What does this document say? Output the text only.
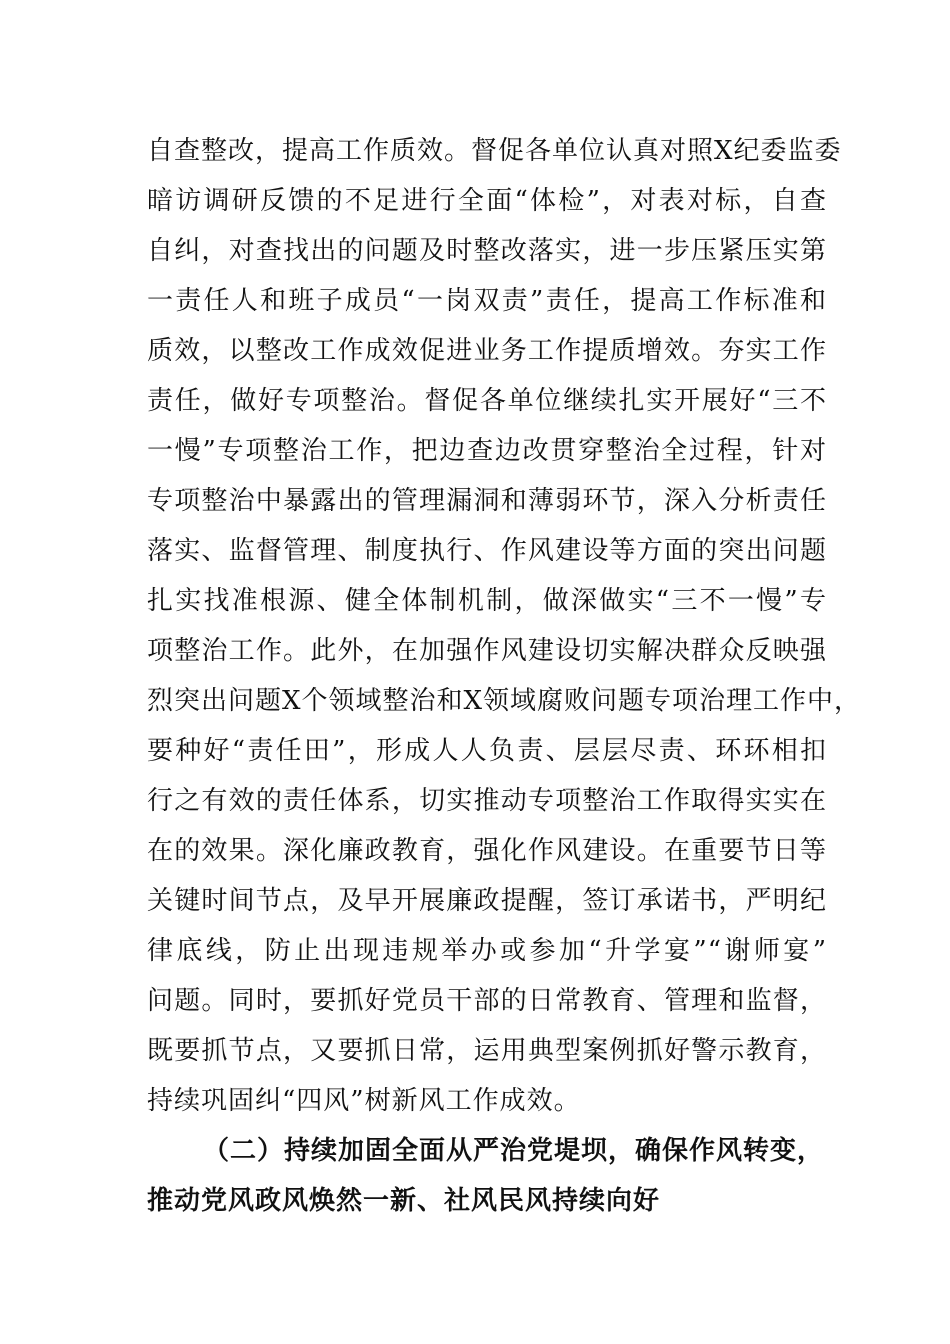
自查整改，提高工作质效。督促各单位认真对照X纪委监委
暗访调研反馈的不足进行全面“体检”，对表对标，自查
自纠，对查找出的问题及时整改落实，进一步压紧压实第
一责任人和班子成员“一岗双责”责任，提高工作标准和
质效，以整改工作成效促进业务工作提质增效。夯实工作
责任，做好专项整治。督促各单位继续扎实开展好“三不
一慢”专项整治工作，把边查边改贯穿整治全过程，针对
专项整治中暴露出的管理漏洞和薄弱环节，深入分析责任
落实、监督管理、制度执行、作风建设等方面的突出问题
扎实找准根源、健全体制机制，做深做实“三不一慢”专
项整治工作。此外，在加强作风建设切实解决群众反映强
烈突出问题X个领域整治和X领域腐败问题专项治理工作中，
要种好“责任田”，形成人人负责、层层尽责、环环相扣
行之有效的责任体系，切实推动专项整治工作取得实实在
在的效果。深化廉政教育，强化作风建设。在重要节日等
关键时间节点，及早开展廉政提醒，签订承诺书，严明纪
律底线，防止出现违规举办或参加“升学宴”“谢师宴”
问题。同时，要抓好党员干部的日常教育、管理和监督，
既要抓节点，又要抓日常，运用典型案例抓好警示教育，
持续巩固纠“四风”树新风工作成效。
（二）持续加固全面从严治党堤坝，确保作风转变，
推动党风政风焕然一新、社风民风持续向好
